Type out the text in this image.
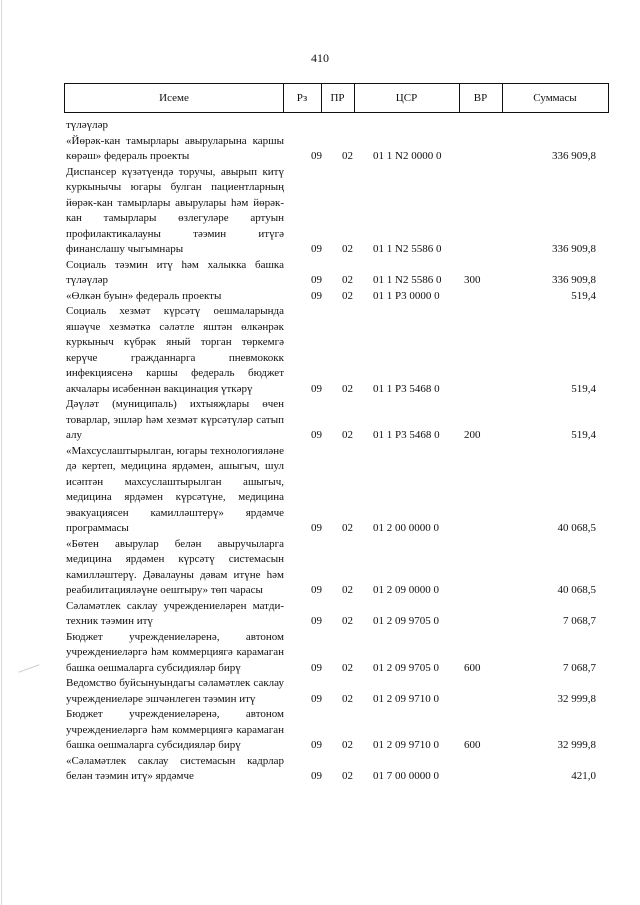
410
Исеме	Рз	ПР	ЦСР	ВР	Суммасы
түләүләр
«Йөрәк-кан тамырлары авыруларына каршы көрәш» федераль проекты	09 02 01 1 N2 0000 0	336 909,8
Диспансер күзәтүендә торучы, авырып китү куркынычы югары булган пациентларның йөрәк-кан тамырлары авырулары һәм йөрәк-кан тамырлары өзлегуләре артуын профилактикалауны тәэмин итүгә финанслашу чыгымнары	09 02 01 1 N2 5586 0	336 909,8
Социаль тәэмин итү һәм халыкка башка түләүләр	09 02 01 1 N2 5586 0 300	336 909,8
«Өлкән буын» федераль проекты	09 02 01 1 P3 0000 0	519,4
Социаль хезмәт күрсәтү оешмаларында яшәүче хезмәткә сәләтле яштән өлкәнрәк куркыныч күбрәк яный торган төркемгә керүче гражданнарга пневмококк инфекциясенә каршы федераль бюджет акчалары исәбеннән вакцинация үткәрү	09 02 01 1 P3 5468 0	519,4
Дәүләт (муниципаль) ихтыяҗлары өчен товарлар, эшләр һәм хезмәт күрсәтүләр сатып алу	09 02 01 1 P3 5468 0 200	519,4
«Махсуслаштырылган, югары технологияләне дә кертеп, медицина ярдәмен, ашыгыч, шул исәптән махсуслаштырылган ашыгыч, медицина ярдәмен күрсәтүне, медицина эвакуациясен камилләштерү» ярдәмче программасы	09 02 01 2 00 0000 0	40 068,5
«Бөтен авырулар белән авыручыларга медицина ярдәмен күрсәтү системасын камилләштерү. Дәвалауны дәвам итүне һәм реабилитацияләүне оештыру» төп чарасы	09 02 01 2 09 0000 0	40 068,5
Сәламәтлек саклау учреждениеләрен матди-техник тәэмин итү	09 02 01 2 09 9705 0	7 068,7
Бюджет учреждениеләренә, автоном учреждениеләргә һәм коммерциягә карамаган башка оешмаларга субсидияләр бирү	09 02 01 2 09 9705 0 600	7 068,7
Ведомство буйсынуындагы сәламәтлек саклау учреждениеләре эшчәнлеген тәэмин итү	09 02 01 2 09 9710 0	32 999,8
Бюджет учреждениеләренә, автоном учреждениеләргә һәм коммерциягә карамаган башка оешмаларга субсидияләр бирү	09 02 01 2 09 9710 0 600	32 999,8
«Сәламәтлек саклау системасын кадрлар белән тәэмин итү» ярдәмче	09 02 01 7 00 0000 0	421,0
